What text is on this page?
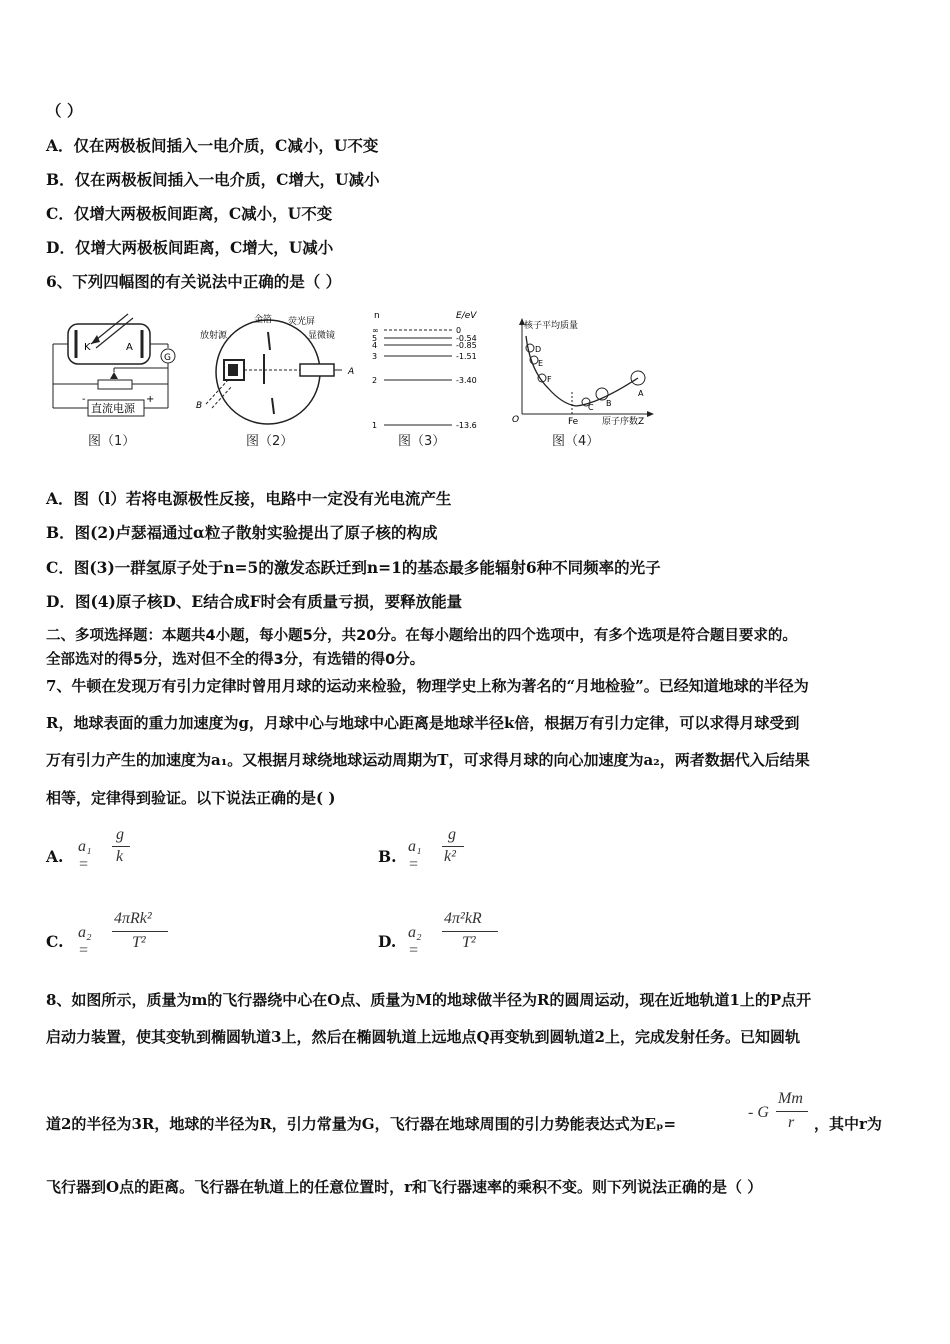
（ ）
A．仅在两极板间插入一电介质，C减小，U不变
B．仅在两极板间插入一电介质，C增大，U减小
C．仅增大两极板间距离，C减小，U不变
D．仅增大两极板间距离，C增大，U减小
6、下列四幅图的有关说法中正确的是（ ）
K	A
G
直流电源
-	+
图（1）
放射源
金箔 荧光屏
显微镜
A
B
图（2）
n	E/eV
∞	0
5	-0.54
4	-0.85
3	-1.51
2	-3.40
1	-13.6
图（3）
核子平均质量
原子序数Z
O	Fe
D
E
F
C B
A
图（4）
A．图（l）若将电源极性反接，电路中一定没有光电流产生
B．图(2)卢瑟福通过α粒子散射实验提出了原子核的构成
C．图(3)一群氢原子处于n=5的激发态跃迁到n=1的基态最多能辐射6种不同频率的光子
D．图(4)原子核D、E结合成F时会有质量亏损，要释放能量
二、多项选择题：本题共4小题，每小题5分，共20分。在每小题给出的四个选项中，有多个选项是符合题目要求的。
全部选对的得5分，选对但不全的得3分，有选错的得0分。
7、牛顿在发现万有引力定律时曾用月球的运动来检验，物理学史上称为著名的“月地检验”。已经知道地球的半径为
R，地球表面的重力加速度为g，月球中心与地球中心距离是地球半径k倍，根据万有引力定律，可以求得月球受到
万有引力产生的加速度为a₁。又根据月球绕地球运动周期为T，可求得月球的向心加速度为a₂，两者数据代入后结果
相等，定律得到验证。以下说法正确的是( )
A.	B.
C.	D.
a₁ =
g
k
a₁ =
g
k²
a₂ =
4πRk²
T²
a₂ =
4π²kR
T²
8、如图所示，质量为m的飞行器绕中心在O点、质量为M的地球做半径为R的圆周运动，现在近地轨道1上的P点开
启动力装置，使其变轨到椭圆轨道3上，然后在椭圆轨道上远地点Q再变轨到圆轨道2上，完成发射任务。已知圆轨
道2的半径为3R，地球的半径为R，引力常量为G，飞行器在地球周围的引力势能表达式为Eₚ=
- G
Mm
r ，其中r为
飞行器到O点的距离。飞行器在轨道上的任意位置时，r和飞行器速率的乘积不变。则下列说法正确的是（ ）
